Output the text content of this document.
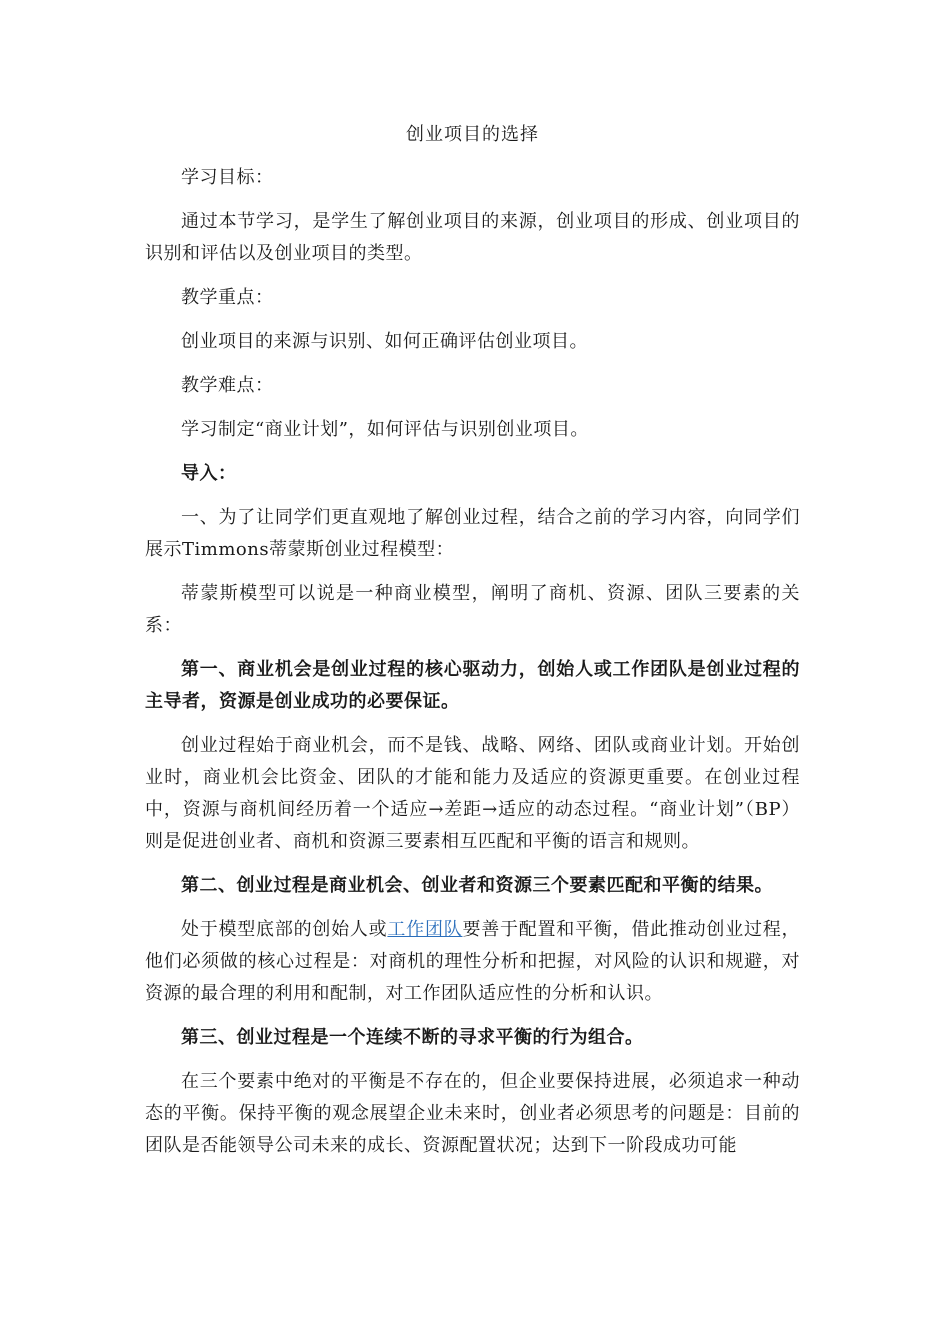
创业项目的选择

学习目标：

通过本节学习，是学生了解创业项目的来源，创业项目的形成、创业项目的识别和评估以及创业项目的类型。

教学重点：

创业项目的来源与识别、如何正确评估创业项目。

教学难点：

学习制定“商业计划”，如何评估与识别创业项目。

导入：

一、为了让同学们更直观地了解创业过程，结合之前的学习内容，向同学们展示Timmons蒂蒙斯创业过程模型：

蒂蒙斯模型可以说是一种商业模型，阐明了商机、资源、团队三要素的关系：

第一、商业机会是创业过程的核心驱动力，创始人或工作团队是创业过程的主导者，资源是创业成功的必要保证。

创业过程始于商业机会，而不是钱、战略、网络、团队或商业计划。开始创业时，商业机会比资金、团队的才能和能力及适应的资源更重要。在创业过程中，资源与商机间经历着一个适应→差距→适应的动态过程。“商业计划”（BP）则是促进创业者、商机和资源三要素相互匹配和平衡的语言和规则。

第二、创业过程是商业机会、创业者和资源三个要素匹配和平衡的结果。

处于模型底部的创始人或工作团队要善于配置和平衡，借此推动创业过程，他们必须做的核心过程是：对商机的理性分析和把握，对风险的认识和规避，对资源的最合理的利用和配制，对工作团队适应性的分析和认识。

第三、创业过程是一个连续不断的寻求平衡的行为组合。

在三个要素中绝对的平衡是不存在的，但企业要保持进展，必须追求一种动态的平衡。保持平衡的观念展望企业未来时，创业者必须思考的问题是：目前的团队是否能领导公司未来的成长、资源配置状况；达到下一阶段成功可能
